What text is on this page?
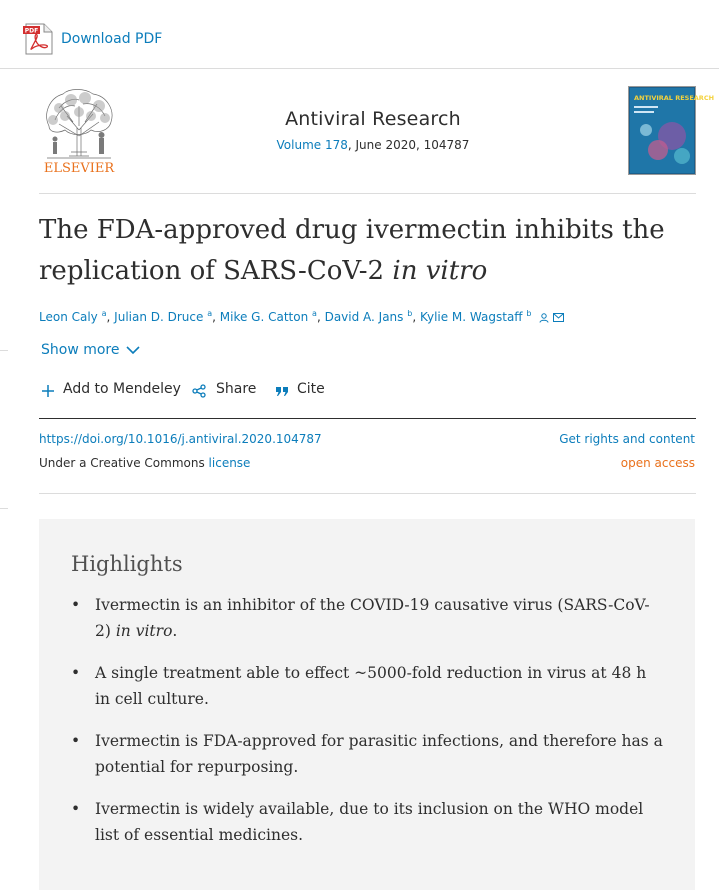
PDF Download PDF
ELSEVIER
Antiviral Research
Volume 178, June 2020, 104787
ANTIVIRAL RESEARCH
The FDA-approved drug ivermectin inhibits the replication of SARS-CoV-2 in vitro
Leon Caly $^a$, Julian D. Druce $^a$, Mike G. Catton $^a$, David A. Jans $^b$, Kylie M. Wagstaff $^b$
Show more
Add to Mendeley	Share	Cite
https://doi.org/10.1016/j.antiviral.2020.104787
Under a Creative Commons license
Get rights and content
open access
Highlights
• Ivermectin is an inhibitor of the COVID-19 causative virus (SARS-CoV-2) in vitro.
• A single treatment able to effect ~5000-fold reduction in virus at 48 h in cell culture.
• Ivermectin is FDA-approved for parasitic infections, and therefore has a potential for repurposing.
• Ivermectin is widely available, due to its inclusion on the WHO model list of essential medicines.
